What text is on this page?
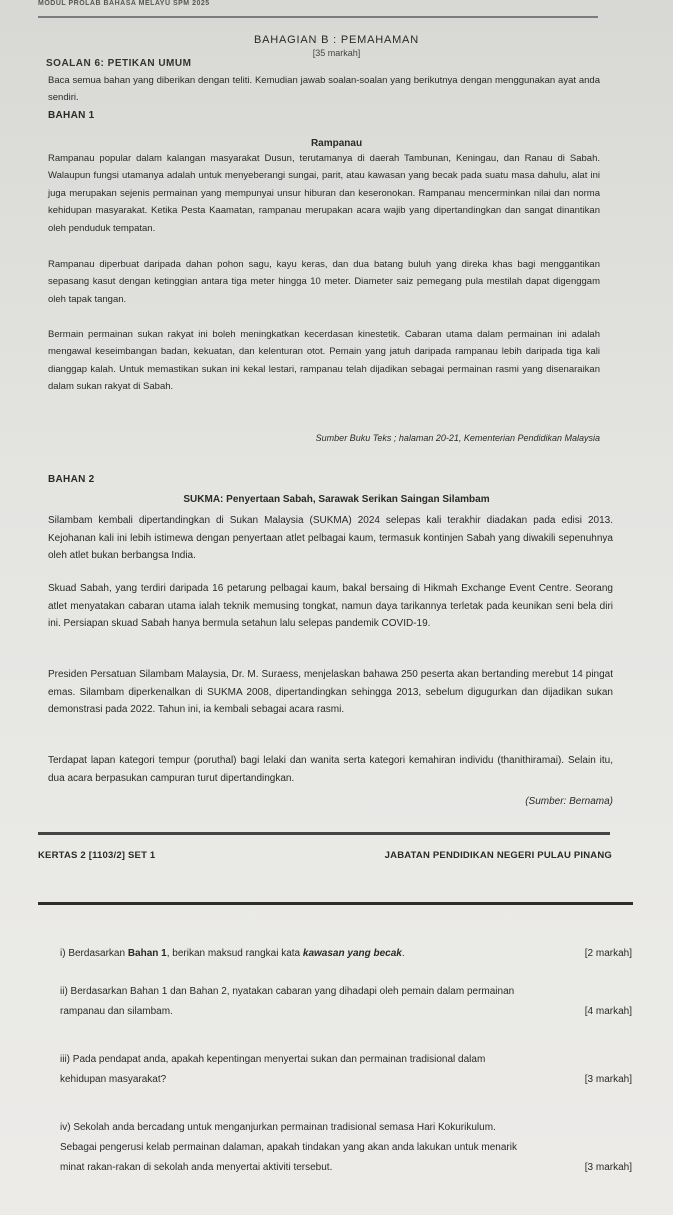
MODUL PROLAB BAHASA MELAYU SPM 2025
BAHAGIAN B : PEMAHAMAN
[35 markah]
SOALAN 6: PETIKAN UMUM
Baca semua bahan yang diberikan dengan teliti. Kemudian jawab soalan-soalan yang berikutnya dengan menggunakan ayat anda sendiri.
BAHAN 1
Rampanau
Rampanau popular dalam kalangan masyarakat Dusun, terutamanya di daerah Tambunan, Keningau, dan Ranau di Sabah. Walaupun fungsi utamanya adalah untuk menyeberangi sungai, parit, atau kawasan yang becak pada suatu masa dahulu, alat ini juga merupakan sejenis permainan yang mempunyai unsur hiburan dan keseronokan. Rampanau mencerminkan nilai dan norma kehidupan masyarakat. Ketika Pesta Kaamatan, rampanau merupakan acara wajib yang dipertandingkan dan sangat dinantikan oleh penduduk tempatan.
Rampanau diperbuat daripada dahan pohon sagu, kayu keras, dan dua batang buluh yang direka khas bagi menggantikan sepasang kasut dengan ketinggian antara tiga meter hingga 10 meter. Diameter saiz pemegang pula mestilah dapat digenggam oleh tapak tangan.
Bermain permainan sukan rakyat ini boleh meningkatkan kecerdasan kinestetik. Cabaran utama dalam permainan ini adalah mengawal keseimbangan badan, kekuatan, dan kelenturan otot. Pemain yang jatuh daripada rampanau lebih daripada tiga kali dianggap kalah. Untuk memastikan sukan ini kekal lestari, rampanau telah dijadikan sebagai permainan rasmi yang disenaraikan dalam sukan rakyat di Sabah.
Sumber Buku Teks ; halaman 20-21, Kementerian Pendidikan Malaysia
BAHAN 2
SUKMA: Penyertaan Sabah, Sarawak Serikan Saingan Silambam
Silambam kembali dipertandingkan di Sukan Malaysia (SUKMA) 2024 selepas kali terakhir diadakan pada edisi 2013. Kejohanan kali ini lebih istimewa dengan penyertaan atlet pelbagai kaum, termasuk kontinjen Sabah yang diwakili sepenuhnya oleh atlet bukan berbangsa India.
Skuad Sabah, yang terdiri daripada 16 petarung pelbagai kaum, bakal bersaing di Hikmah Exchange Event Centre. Seorang atlet menyatakan cabaran utama ialah teknik memusing tongkat, namun daya tarikannya terletak pada keunikan seni bela diri ini. Persiapan skuad Sabah hanya bermula setahun lalu selepas pandemik COVID-19.
Presiden Persatuan Silambam Malaysia, Dr. M. Suraess, menjelaskan bahawa 250 peserta akan bertanding merebut 14 pingat emas. Silambam diperkenalkan di SUKMA 2008, dipertandingkan sehingga 2013, sebelum digugurkan dan dijadikan sukan demonstrasi pada 2022. Tahun ini, ia kembali sebagai acara rasmi.
Terdapat lapan kategori tempur (poruthal) bagi lelaki dan wanita serta kategori kemahiran individu (thanithiramai). Selain itu, dua acara berpasukan campuran turut dipertandingkan.
(Sumber: Bernama)
KERTAS 2 [1103/2] SET 1	JABATAN PENDIDIKAN NEGERI PULAU PINANG
i) Berdasarkan Bahan 1, berikan maksud rangkai kata kawasan yang becak.	[2 markah]
ii) Berdasarkan Bahan 1 dan Bahan 2, nyatakan cabaran yang dihadapi oleh pemain dalam permainan rampanau dan silambam.	[4 markah]
iii) Pada pendapat anda, apakah kepentingan menyertai sukan dan permainan tradisional dalam kehidupan masyarakat?	[3 markah]
iv) Sekolah anda bercadang untuk menganjurkan permainan tradisional semasa Hari Kokurikulum. Sebagai pengerusi kelab permainan dalaman, apakah tindakan yang akan anda lakukan untuk menarik minat rakan-rakan di sekolah anda menyertai aktiviti tersebut.	[3 markah]
